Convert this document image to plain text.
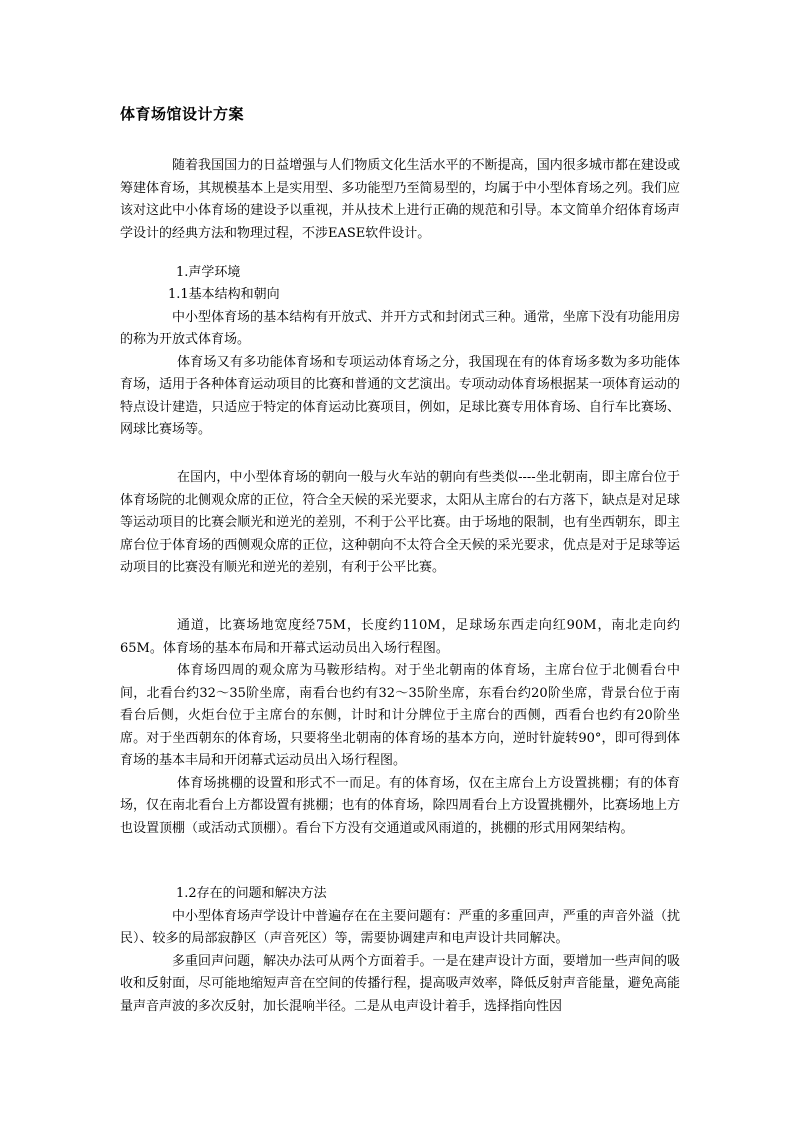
体育场馆设计方案

随着我国国力的日益增强与人们物质文化生活水平的不断提高，国内很多城市都在建设或筹建体育场，其规模基本上是实用型、多功能型乃至简易型的，均属于中小型体育场之列。我们应该对这此中小体育场的建设予以重视，并从技术上进行正确的规范和引导。本文简单介绍体育场声学设计的经典方法和物理过程，不涉EASE软件设计。

1.声学环境

1.1基本结构和朝向

中小型体育场的基本结构有开放式、并开方式和封闭式三种。通常，坐席下没有功能用房的称为开放式体育场。

体育场又有多功能体育场和专项运动体育场之分，我国现在有的体育场多数为多功能体育场，适用于各种体育运动项目的比赛和普通的文艺演出。专项动动体育场根据某一项体育运动的特点设计建造，只适应于特定的体育运动比赛项目，例如，足球比赛专用体育场、自行车比赛场、网球比赛场等。

在国内，中小型体育场的朝向一般与火车站的朝向有些类似----坐北朝南，即主席台位于体育场院的北侧观众席的正位，符合全天候的采光要求，太阳从主席台的右方落下，缺点是对足球等运动项目的比赛会顺光和逆光的差别，不利于公平比赛。由于场地的限制，也有坐西朝东，即主席台位于体育场的西侧观众席的正位，这种朝向不太符合全天候的采光要求，优点是对于足球等运动项目的比赛没有顺光和逆光的差别，有利于公平比赛。

通道，比赛场地宽度经75M，长度约110M，足球场东西走向红90M，南北走向约65M。体育场的基本布局和开幕式运动员出入场行程图。

体育场四周的观众席为马鞍形结构。对于坐北朝南的体育场，主席台位于北侧看台中间，北看台约32～35阶坐席，南看台也约有32～35阶坐席，东看台约20阶坐席，背景台位于南看台后侧，火炬台位于主席台的东侧，计时和计分牌位于主席台的西侧，西看台也约有20阶坐席。对于坐西朝东的体育场，只要将坐北朝南的体育场的基本方向，逆时针旋转90°，即可得到体育场的基本丰局和开闭幕式运动员出入场行程图。

体育场挑棚的设置和形式不一而足。有的体育场，仅在主席台上方设置挑棚；有的体育场，仅在南北看台上方都设置有挑棚；也有的体育场，除四周看台上方设置挑棚外，比赛场地上方也设置顶棚（或活动式顶棚）。看台下方没有交通道或风雨道的，挑棚的形式用网架结构。

1.2存在的问题和解决方法

中小型体育场声学设计中普遍存在在主要问题有：严重的多重回声，严重的声音外溢（扰民）、较多的局部寂静区（声音死区）等，需要协调建声和电声设计共同解决。

多重回声问题，解决办法可从两个方面着手。一是在建声设计方面，要增加一些声间的吸收和反射面，尽可能地缩短声音在空间的传播行程，提高吸声效率，降低反射声音能量，避免高能量声音声波的多次反射，加长混响半径。二是从电声设计着手，选择指向性因
